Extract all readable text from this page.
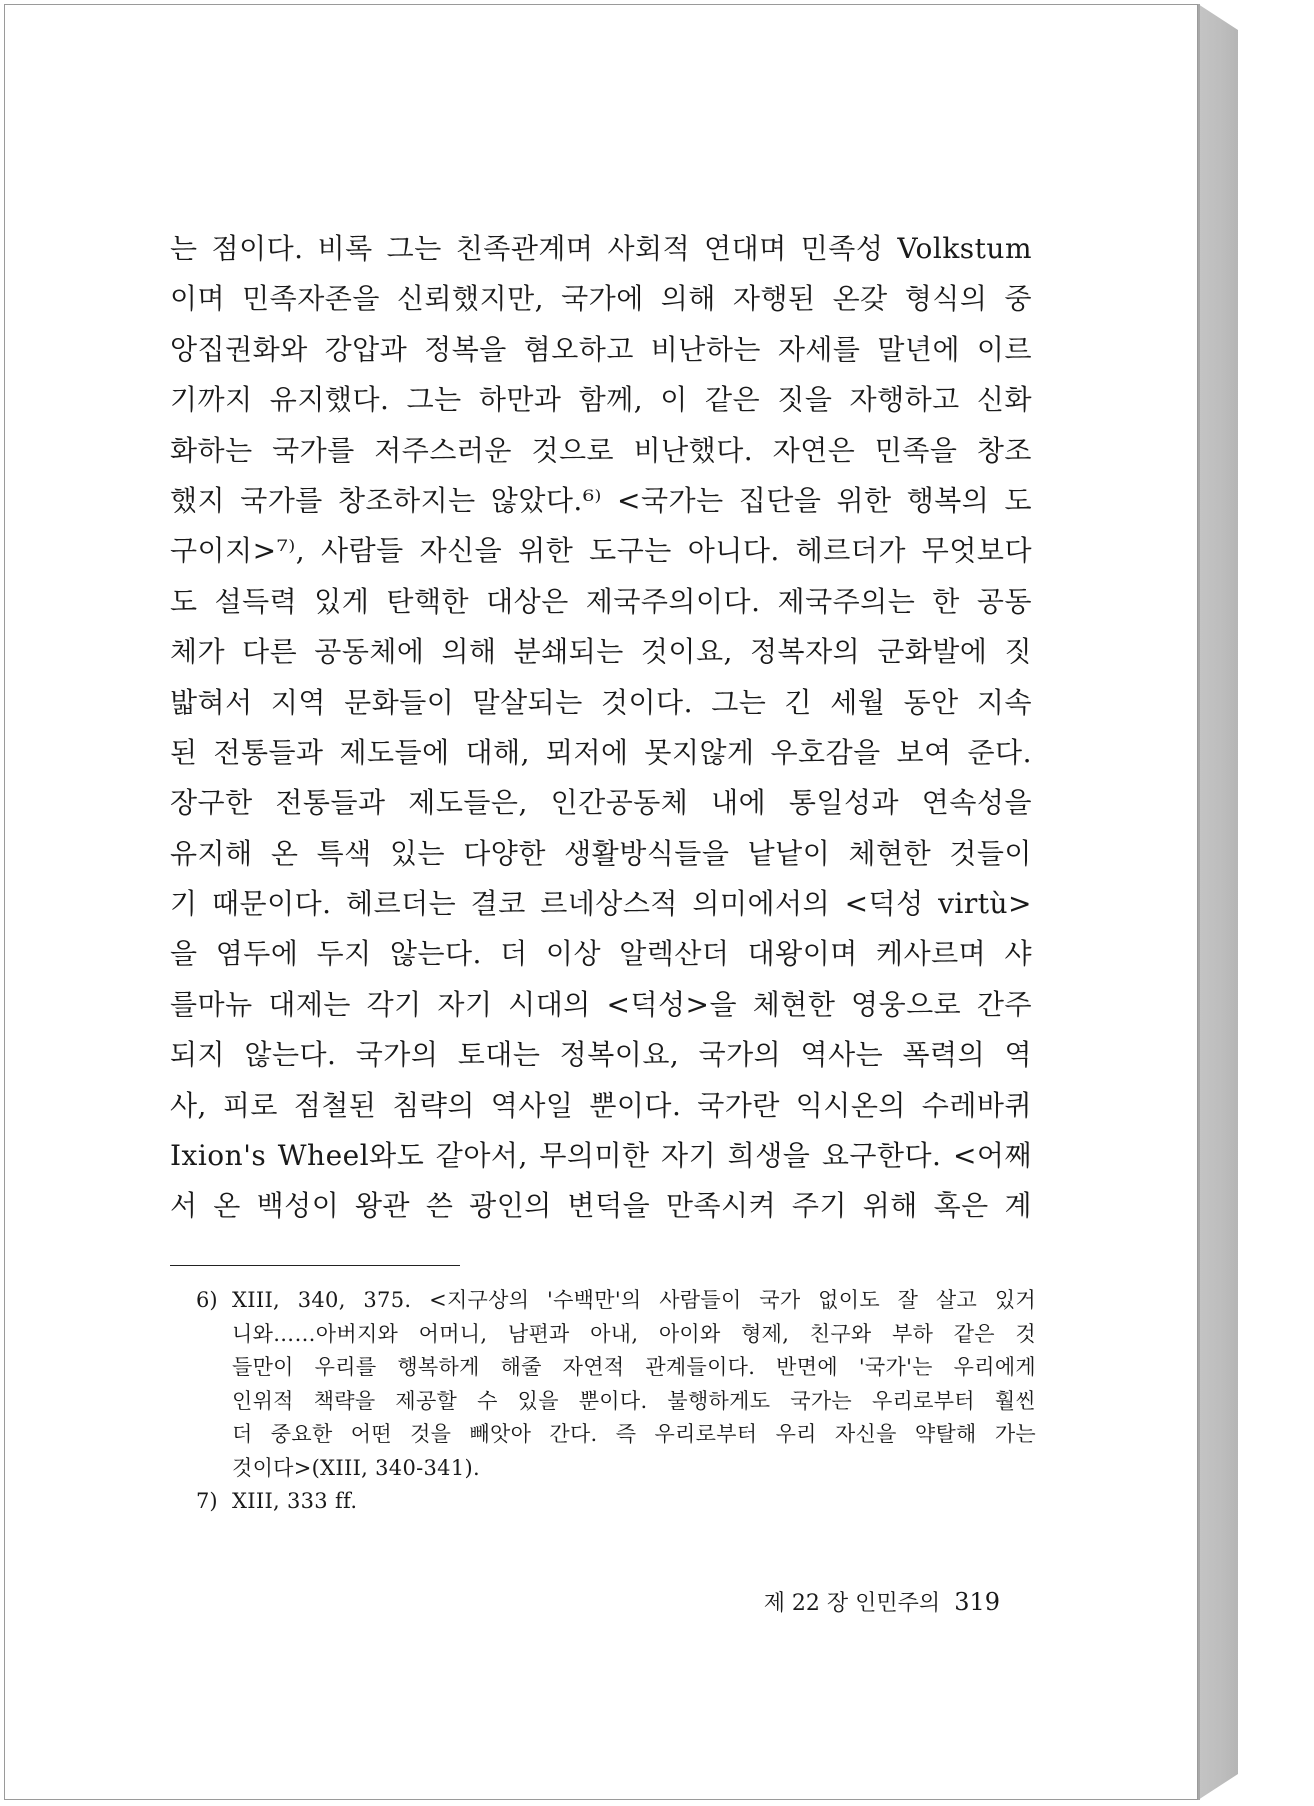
는 점이다. 비록 그는 친족관계며 사회적 연대며 민족성 Volkstum
이며 민족자존을 신뢰했지만, 국가에 의해 자행된 온갖 형식의 중
앙집권화와 강압과 정복을 혐오하고 비난하는 자세를 말년에 이르
기까지 유지했다. 그는 하만과 함께, 이 같은 짓을 자행하고 신화
화하는 국가를 저주스러운 것으로 비난했다. 자연은 민족을 창조
했지 국가를 창조하지는 않았다.⁶⁾ <국가는 집단을 위한 행복의 도
구이지>⁷⁾, 사람들 자신을 위한 도구는 아니다. 헤르더가 무엇보다
도 설득력 있게 탄핵한 대상은 제국주의이다. 제국주의는 한 공동
체가 다른 공동체에 의해 분쇄되는 것이요, 정복자의 군화발에 짓
밟혀서 지역 문화들이 말살되는 것이다. 그는 긴 세월 동안 지속
된 전통들과 제도들에 대해, 뫼저에 못지않게 우호감을 보여 준다.
장구한 전통들과 제도들은, 인간공동체 내에 통일성과 연속성을
유지해 온 특색 있는 다양한 생활방식들을 낱낱이 체현한 것들이
기 때문이다. 헤르더는 결코 르네상스적 의미에서의 <덕성 virtù>
을 염두에 두지 않는다. 더 이상 알렉산더 대왕이며 케사르며 샤
를마뉴 대제는 각기 자기 시대의 <덕성>을 체현한 영웅으로 간주
되지 않는다. 국가의 토대는 정복이요, 국가의 역사는 폭력의 역
사, 피로 점철된 침략의 역사일 뿐이다. 국가란 익시온의 수레바퀴
Ixion's Wheel와도 같아서, 무의미한 자기 희생을 요구한다. <어째
서 온 백성이 왕관 쓴 광인의 변덕을 만족시켜 주기 위해 혹은 계
6) XIII, 340, 375. <지구상의 '수백만'의 사람들이 국가 없이도 잘 살고 있거
니와……아버지와 어머니, 남편과 아내, 아이와 형제, 친구와 부하 같은 것
들만이 우리를 행복하게 해줄 자연적 관계들이다. 반면에 '국가'는 우리에게
인위적 책략을 제공할 수 있을 뿐이다. 불행하게도 국가는 우리로부터 훨씬
더 중요한 어떤 것을 빼앗아 간다. 즉 우리로부터 우리 자신을 약탈해 가는
것이다>(XIII, 340-341).
7) XIII, 333 ff.
제 22 장 인민주의 319
